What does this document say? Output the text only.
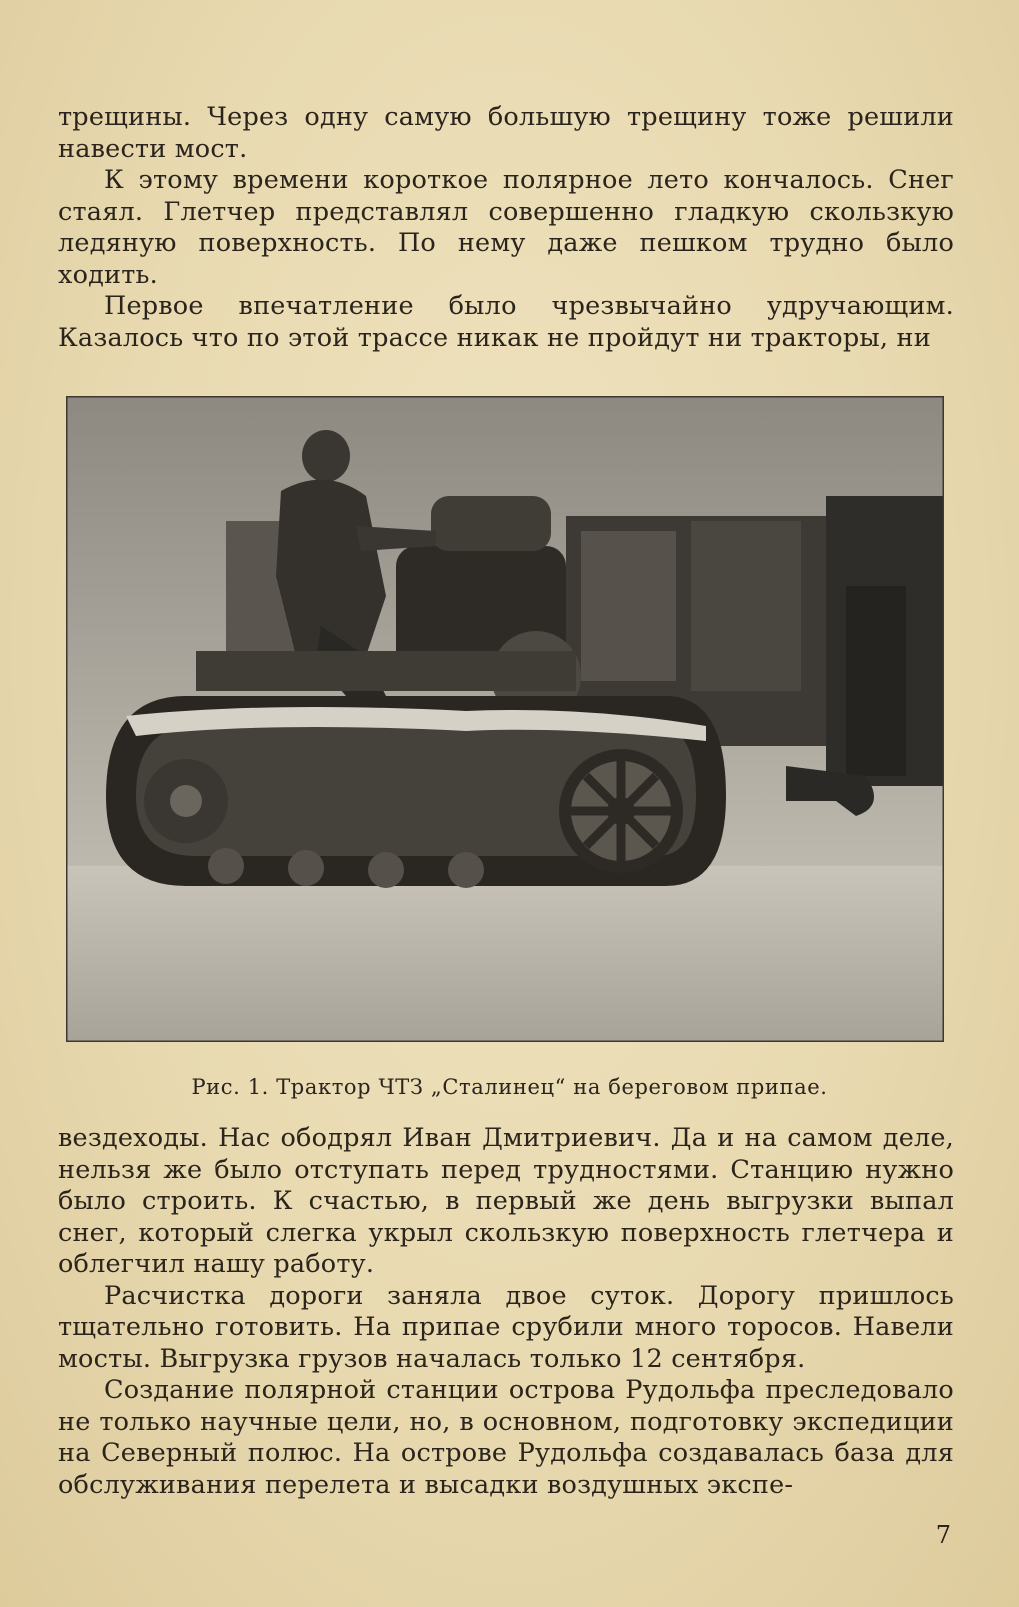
трещины. Через одну самую большую трещину тоже решили навести мост.

К этому времени короткое полярное лето кончалось. Снег стаял. Глетчер представлял совершенно гладкую скользкую ледяную поверхность. По нему даже пешком трудно было ходить.

Первое впечатление было чрезвычайно удручающим. Казалось что по этой трассе никак не пройдут ни тракторы, ни

Рис. 1. Трактор ЧТЗ „Сталинец“ на береговом припае.

вездеходы. Нас ободрял Иван Дмитриевич. Да и на самом деле, нельзя же было отступать перед трудностями. Станцию нужно было строить. К счастью, в первый же день выгрузки выпал снег, который слегка укрыл скользкую поверхность глетчера и облегчил нашу работу.

Расчистка дороги заняла двое суток. Дорогу пришлось тщательно готовить. На припае срубили много торосов. Навели мосты. Выгрузка грузов началась только 12 сентября.

Создание полярной станции острова Рудольфа преследовало не только научные цели, но, в основном, подготовку экспедиции на Северный полюс. На острове Рудольфа создавалась база для обслуживания перелета и высадки воздушных экспе-

7
